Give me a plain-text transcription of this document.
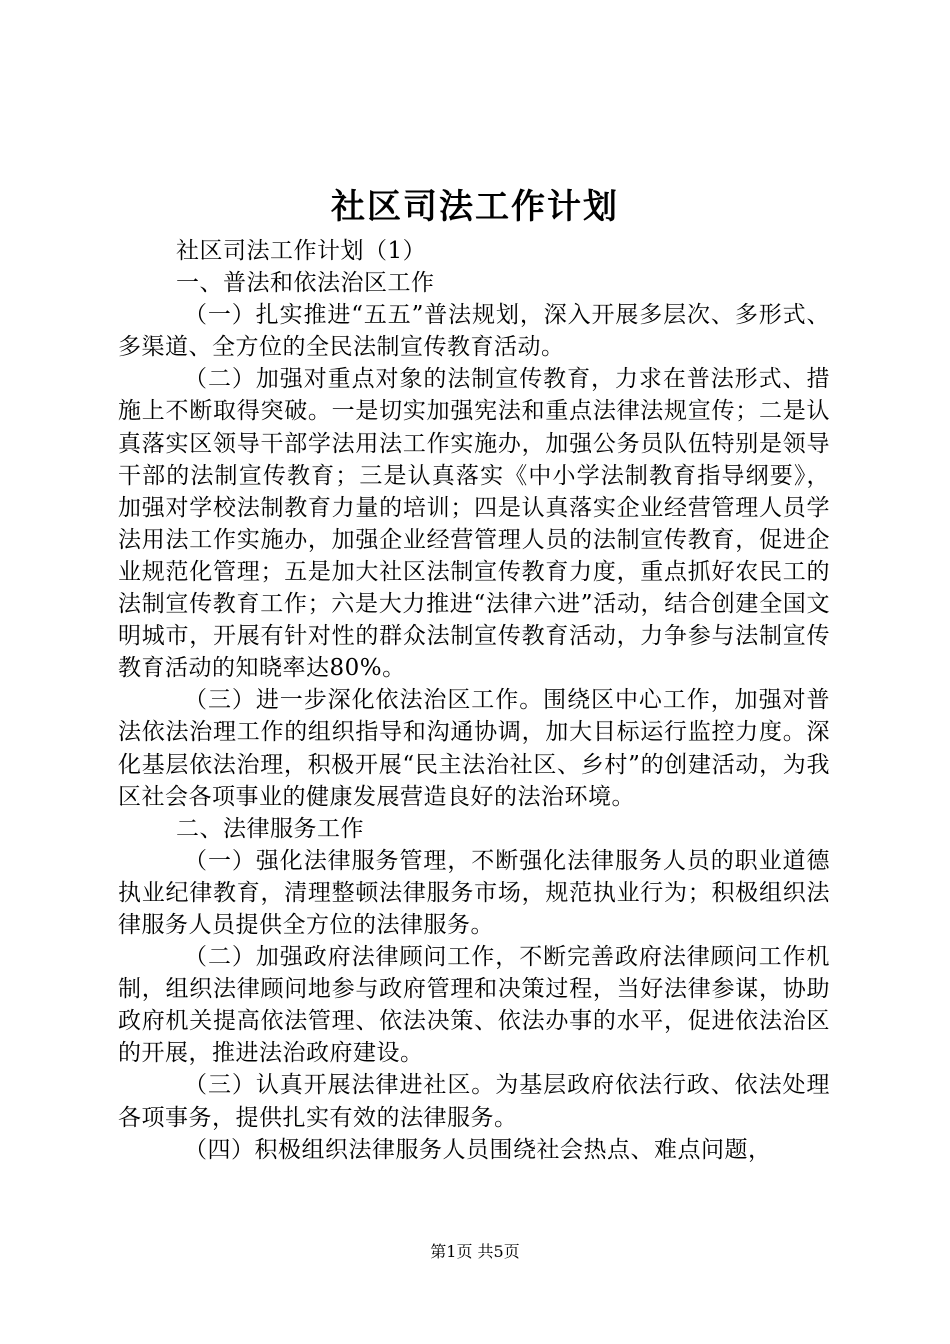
社区司法工作计划

社区司法工作计划（1）

一、普法和依法治区工作

（一）扎实推进“五五”普法规划，深入开展多层次、多形式、多渠道、全方位的全民法制宣传教育活动。

（二）加强对重点对象的法制宣传教育，力求在普法形式、措施上不断取得突破。一是切实加强宪法和重点法律法规宣传；二是认真落实区领导干部学法用法工作实施办，加强公务员队伍特别是领导干部的法制宣传教育；三是认真落实《中小学法制教育指导纲要》，加强对学校法制教育力量的培训；四是认真落实企业经营管理人员学法用法工作实施办，加强企业经营管理人员的法制宣传教育，促进企业规范化管理；五是加大社区法制宣传教育力度，重点抓好农民工的法制宣传教育工作；六是大力推进“法律六进”活动，结合创建全国文明城市，开展有针对性的群众法制宣传教育活动，力争参与法制宣传教育活动的知晓率达80%。

（三）进一步深化依法治区工作。围绕区中心工作，加强对普法依法治理工作的组织指导和沟通协调，加大目标运行监控力度。深化基层依法治理，积极开展“民主法治社区、乡村”的创建活动，为我区社会各项事业的健康发展营造良好的法治环境。

二、法律服务工作

（一）强化法律服务管理，不断强化法律服务人员的职业道德执业纪律教育，清理整顿法律服务市场，规范执业行为；积极组织法律服务人员提供全方位的法律服务。

（二）加强政府法律顾问工作，不断完善政府法律顾问工作机制，组织法律顾问地参与政府管理和决策过程，当好法律参谋，协助政府机关提高依法管理、依法决策、依法办事的水平，促进依法治区的开展，推进法治政府建设。

（三）认真开展法律进社区。为基层政府依法行政、依法处理各项事务，提供扎实有效的法律服务。

（四）积极组织法律服务人员围绕社会热点、难点问题，

第1页 共5页
